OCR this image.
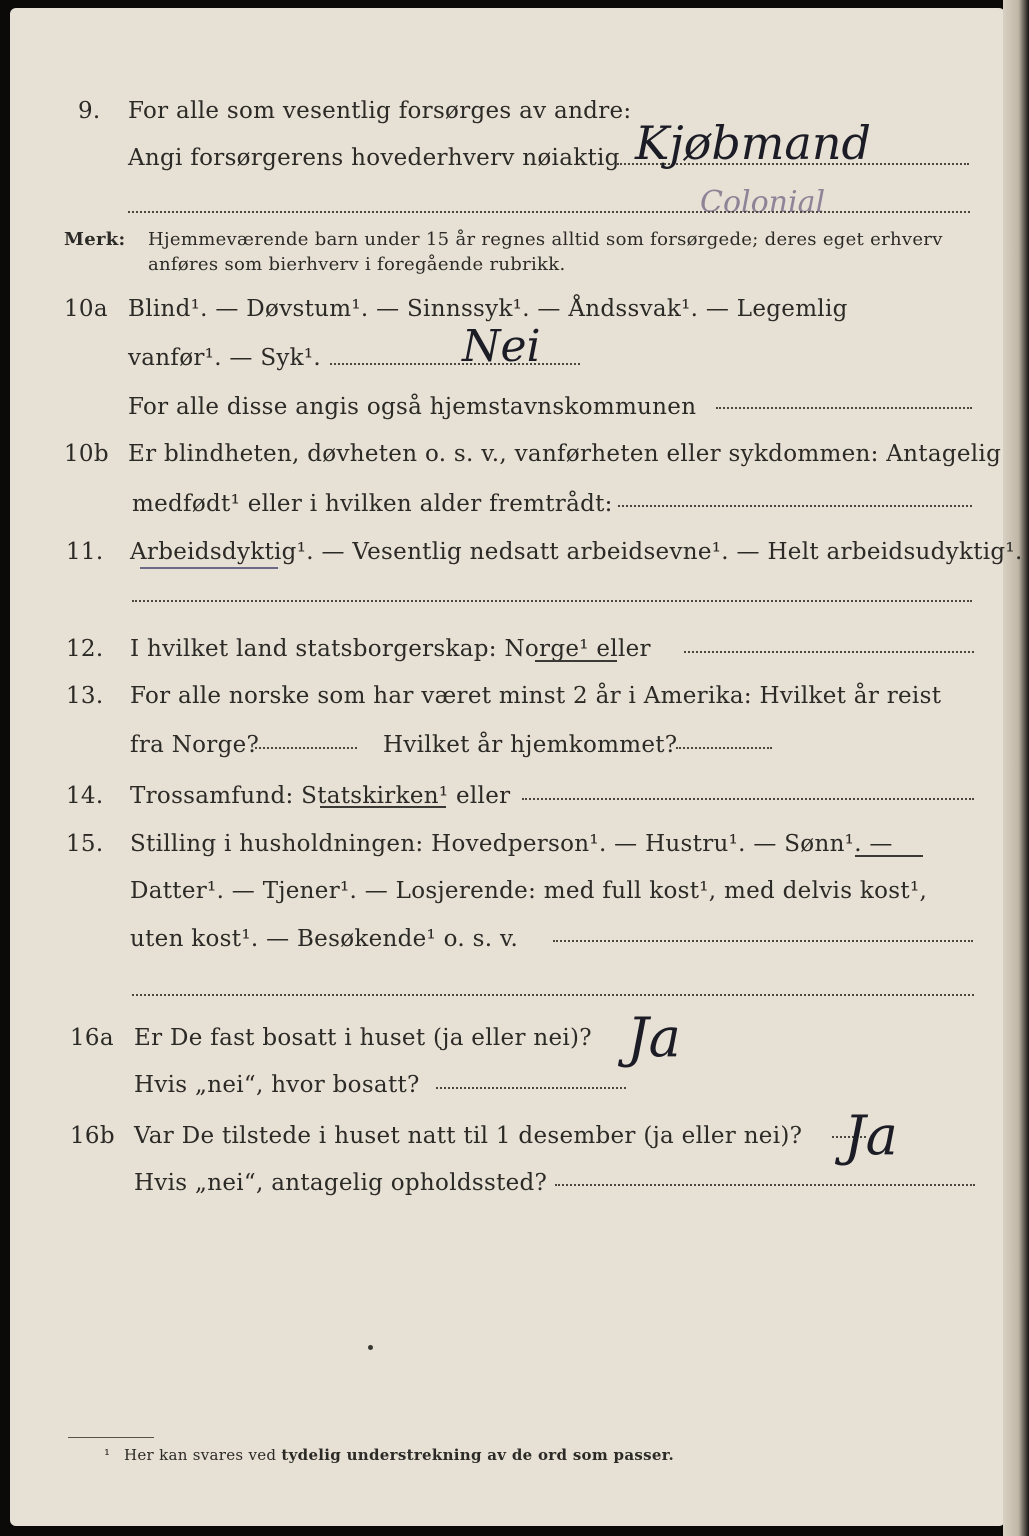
9. For alle som vesentlig forsørges av andre:
Angi forsørgerens hovederhverv nøiaktig Kjøbmand
Colonial
Merk: Hjemmeværende barn under 15 år regnes alltid som forsørgede; deres eget erhverv
anføres som bierhverv i foregående rubrikk.
10a Blind¹. — Døvstum¹. — Sinnssyk¹. — Åndssvak¹. — Legemlig
vanfør¹. — Syk¹.	Nei
For alle disse angis også hjemstavnskommunen
10b Er blindheten, døvheten o. s. v., vanførheten eller sykdommen: Antagelig
medfødt¹ eller i hvilken alder fremtrådt:
11. Arbeidsdyktig¹. — Vesentlig nedsatt arbeidsevne¹. — Helt arbeidsudyktig¹.
12. I hvilket land statsborgerskap: Norge¹ eller
13. For alle norske som har været minst 2 år i Amerika: Hvilket år reist
fra Norge?	Hvilket år hjemkommet?
14. Trossamfund: Statskirken¹ eller
15. Stilling i husholdningen: Hovedperson¹. — Hustru¹. — Sønn¹. —
Datter¹. — Tjener¹. — Losjerende: med full kost¹, med delvis kost¹,
uten kost¹. — Besøkende¹ o. s. v.
16a Er De fast bosatt i huset (ja eller nei)? Ja
Hvis „nei“, hvor bosatt?
16b Var De tilstede i huset natt til 1 desember (ja eller nei)? Ja
Hvis „nei“, antagelig opholdssted?
¹ Her kan svares ved tydelig understrekning av de ord som passer.
